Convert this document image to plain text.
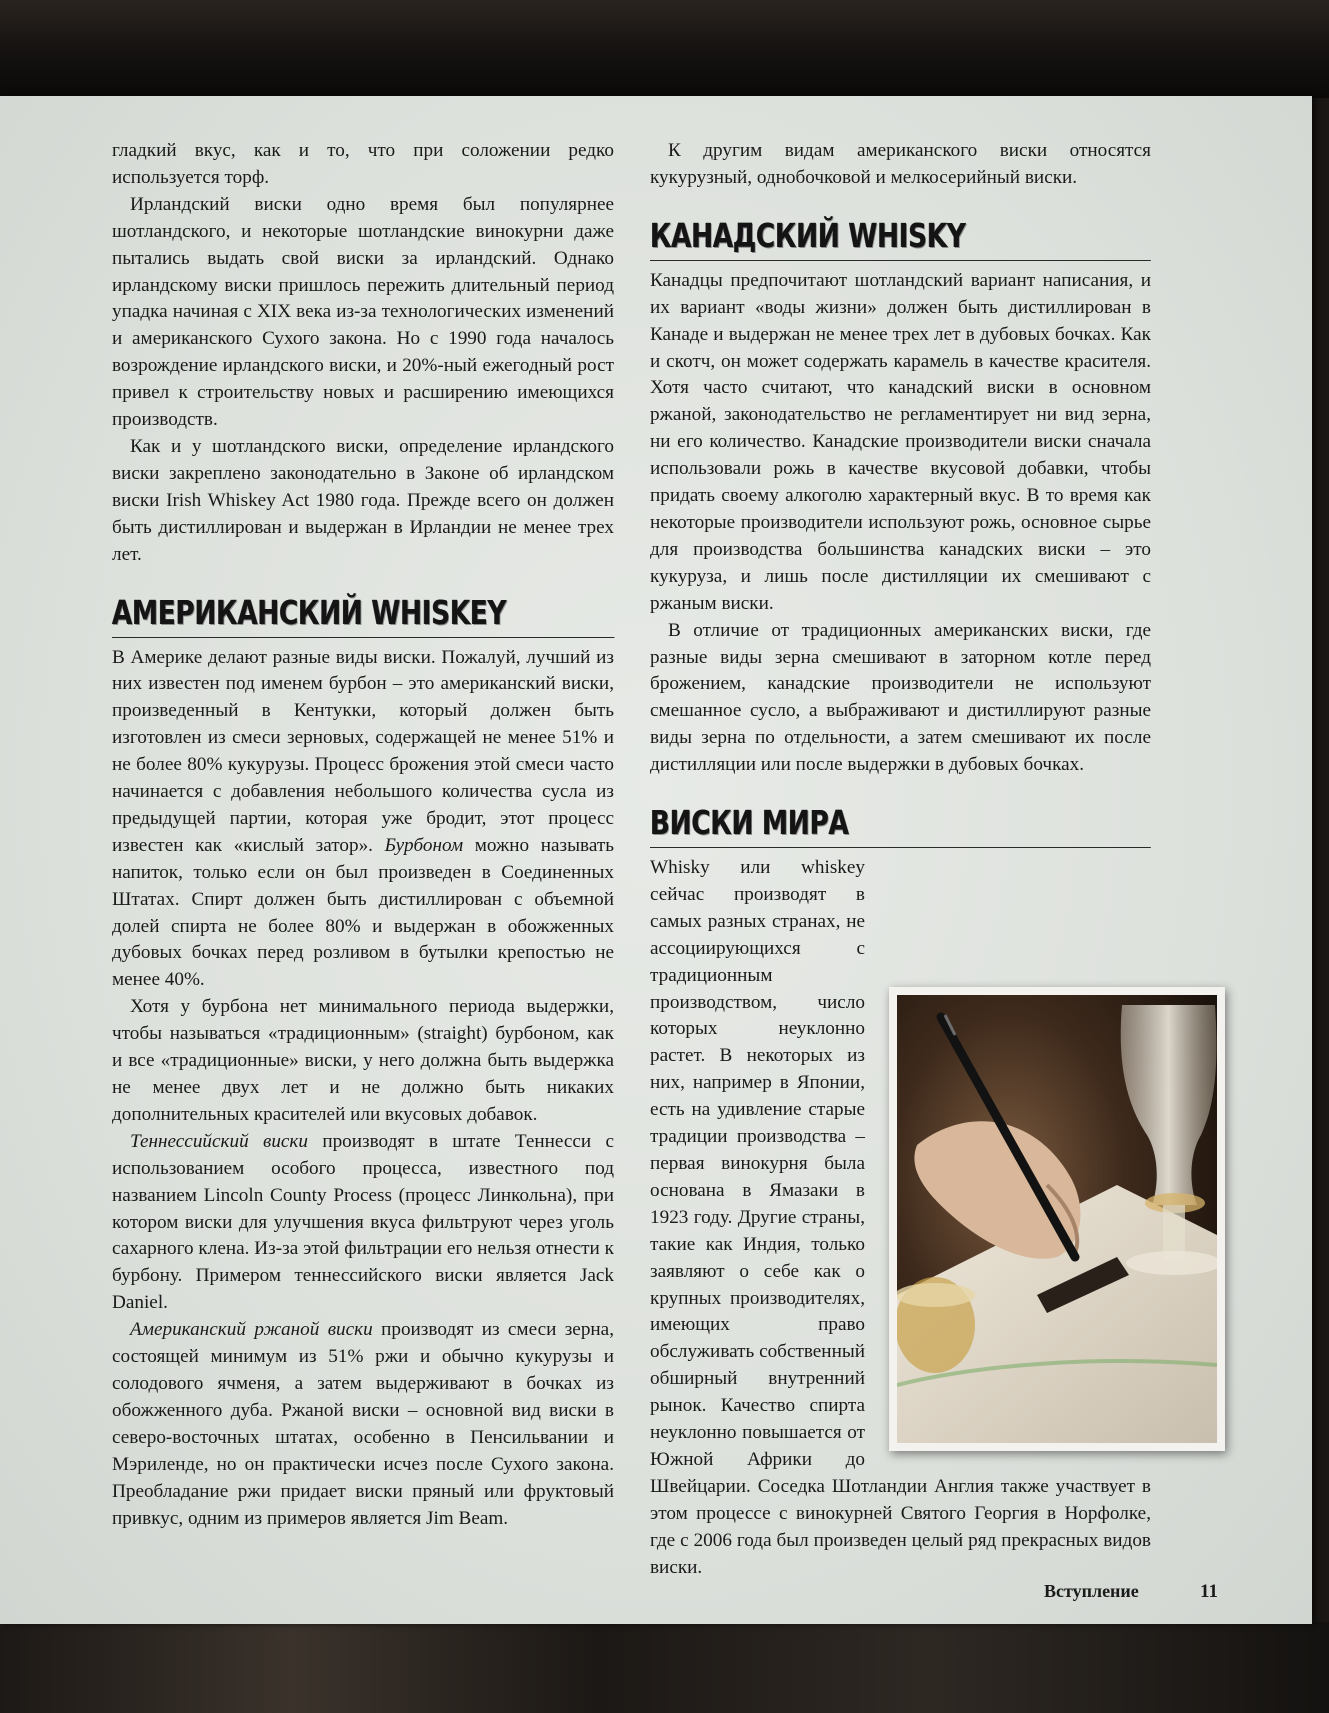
гладкий вкус, как и то, что при соложении редко используется торф.

Ирландский виски одно время был популярнее шотландского, и некоторые шотландские винокурни даже пытались выдать свой виски за ирландский. Однако ирландскому виски пришлось пережить длительный период упадка начиная с XIX века из-за технологических изменений и американского Сухого закона. Но с 1990 года началось возрождение ирландского виски, и 20%-ный ежегодный рост привел к строительству новых и расширению имеющихся производств.

Как и у шотландского виски, определение ирландского виски закреплено законодательно в Законе об ирландском виски Irish Whiskey Act 1980 года. Прежде всего он должен быть дистиллирован и выдержан в Ирландии не менее трех лет.

АМЕРИКАНСКИЙ WHISKEY

В Америке делают разные виды виски. Пожалуй, лучший из них известен под именем бурбон – это американский виски, произведенный в Кентукки, который должен быть изготовлен из смеси зерновых, содержащей не менее 51% и не более 80% кукурузы. Процесс брожения этой смеси часто начинается с добавления небольшого количества сусла из предыдущей партии, которая уже бродит, этот процесс известен как «кислый затор». Бурбоном можно называть напиток, только если он был произведен в Соединенных Штатах. Спирт должен быть дистиллирован с объемной долей спирта не более 80% и выдержан в обожженных дубовых бочках перед розливом в бутылки крепостью не менее 40%.

Хотя у бурбона нет минимального периода выдержки, чтобы называться «традиционным» (straight) бурбоном, как и все «традиционные» виски, у него должна быть выдержка не менее двух лет и не должно быть никаких дополнительных красителей или вкусовых добавок.

Теннессийский виски производят в штате Теннесси с использованием особого процесса, известного под названием Lincoln County Process (процесс Линкольна), при котором виски для улучшения вкуса фильтруют через уголь сахарного клена. Из-за этой фильтрации его нельзя отнести к бурбону. Примером теннессийского виски является Jack Daniel.

Американский ржаной виски производят из смеси зерна, состоящей минимум из 51% ржи и обычно кукурузы и солодового ячменя, а затем выдерживают в бочках из обожженного дуба. Ржаной виски – основной вид виски в северо-восточных штатах, особенно в Пенсильвании и Мэриленде, но он практически исчез после Сухого закона. Преобладание ржи придает виски пряный или фруктовый привкус, одним из примеров является Jim Beam.

К другим видам американского виски относятся кукурузный, однобочковой и мелкосерийный виски.

КАНАДСКИЙ WHISKY

Канадцы предпочитают шотландский вариант написания, и их вариант «воды жизни» должен быть дистиллирован в Канаде и выдержан не менее трех лет в дубовых бочках. Как и скотч, он может содержать карамель в качестве красителя. Хотя часто считают, что канадский виски в основном ржаной, законодательство не регламентирует ни вид зерна, ни его количество. Канадские производители виски сначала использовали рожь в качестве вкусовой добавки, чтобы придать своему алкоголю характерный вкус. В то время как некоторые производители используют рожь, основное сырье для производства большинства канадских виски – это кукуруза, и лишь после дистилляции их смешивают с ржаным виски.

В отличие от традиционных американских виски, где разные виды зерна смешивают в заторном котле перед брожением, канадские производители не используют смешанное сусло, а выбраживают и дистиллируют разные виды зерна по отдельности, а затем смешивают их после дистилляции или после выдержки в дубовых бочках.

ВИСКИ МИРА

Whisky или whiskey сейчас производят в самых разных странах, не ассоциирующихся с традиционным производством, число которых неуклонно растет. В некоторых из них, например в Японии, есть на удивление старые традиции производства – первая винокурня была основана в Ямазаки в 1923 году. Другие страны, такие как Индия, только заявляют о себе как о крупных производителях, имеющих право обслуживать собственный обширный внутренний рынок. Качество спирта неуклонно повышается от Южной Африки до Швейцарии. Соседка Шотландии Англия также участвует в этом процессе с винокурней Святого Георгия в Норфолке, где с 2006 года был произведен целый ряд прекрасных видов виски.

Вступление	11
